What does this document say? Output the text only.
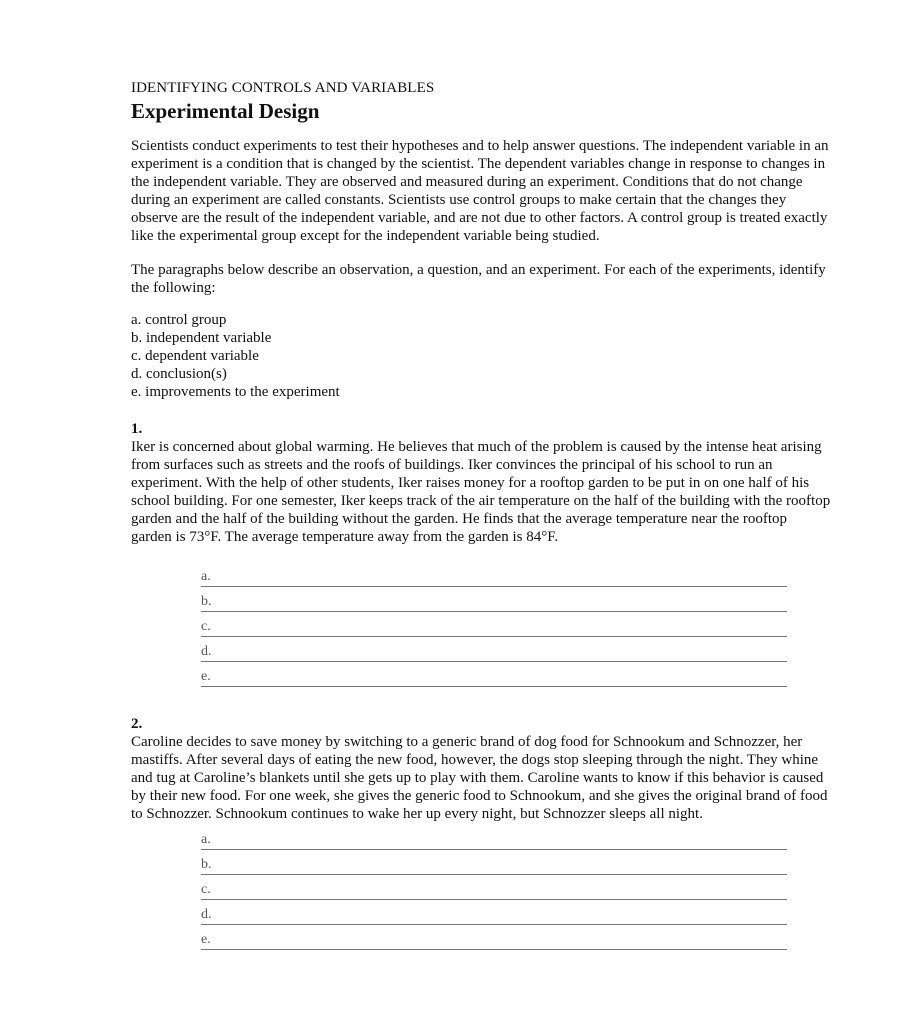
IDENTIFYING CONTROLS AND VARIABLES

Experimental Design

Scientists conduct experiments to test their hypotheses and to help answer questions. The independent variable in an experiment is a condition that is changed by the scientist. The dependent variables change in response to changes in the independent variable. They are observed and measured during an experiment. Conditions that do not change during an experiment are called constants. Scientists use control groups to make certain that the changes they observe are the result of the independent variable, and are not due to other factors. A control group is treated exactly like the experimental group except for the independent variable being studied.

The paragraphs below describe an observation, a question, and an experiment. For each of the experiments, identify the following:

a. control group
b. independent variable
c. dependent variable
d. conclusion(s)
e. improvements to the experiment

1.

Iker is concerned about global warming. He believes that much of the problem is caused by the intense heat arising from surfaces such as streets and the roofs of buildings. Iker convinces the principal of his school to run an experiment. With the help of other students, Iker raises money for a rooftop garden to be put in on one half of his school building. For one semester, Iker keeps track of the air temperature on the half of the building with the rooftop garden and the half of the building without the garden. He finds that the average temperature near the rooftop garden is 73°F. The average temperature away from the garden is 84°F.

a.
b.
c.
d.
e.

2.

Caroline decides to save money by switching to a generic brand of dog food for Schnookum and Schnozzer, her mastiffs. After several days of eating the new food, however, the dogs stop sleeping through the night. They whine and tug at Caroline’s blankets until she gets up to play with them. Caroline wants to know if this behavior is caused by their new food. For one week, she gives the generic food to Schnookum, and she gives the original brand of food to Schnozzer. Schnookum continues to wake her up every night, but Schnozzer sleeps all night.

a.
b.
c.
d.
e.
